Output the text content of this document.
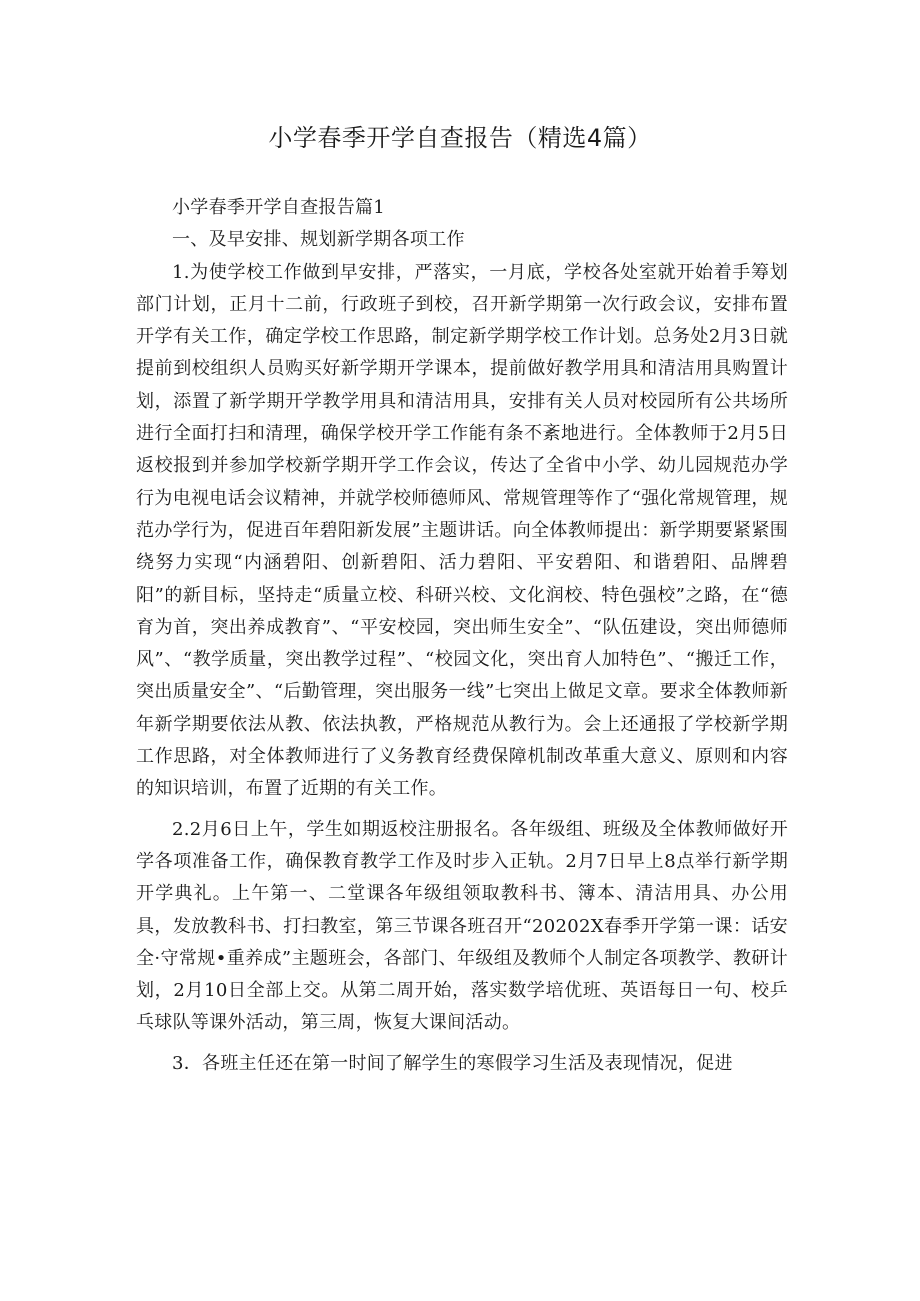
小学春季开学自查报告（精选4篇）

小学春季开学自查报告篇1

一、及早安排、规划新学期各项工作

1.为使学校工作做到早安排，严落实，一月底，学校各处室就开始着手筹划部门计划，正月十二前，行政班子到校，召开新学期第一次行政会议，安排布置开学有关工作，确定学校工作思路，制定新学期学校工作计划。总务处2月3日就提前到校组织人员购买好新学期开学课本，提前做好教学用具和清洁用具购置计划，添置了新学期开学教学用具和清洁用具，安排有关人员对校园所有公共场所进行全面打扫和清理，确保学校开学工作能有条不紊地进行。全体教师于2月5日返校报到并参加学校新学期开学工作会议，传达了全省中小学、幼儿园规范办学行为电视电话会议精神，并就学校师德师风、常规管理等作了“强化常规管理，规范办学行为，促进百年碧阳新发展”主题讲话。向全体教师提出：新学期要紧紧围绕努力实现“内涵碧阳、创新碧阳、活力碧阳、平安碧阳、和谐碧阳、品牌碧阳”的新目标，坚持走“质量立校、科研兴校、文化润校、特色强校”之路，在“德育为首，突出养成教育”、“平安校园，突出师生安全”、“队伍建设，突出师德师风”、“教学质量，突出教学过程”、“校园文化，突出育人加特色”、“搬迁工作，突出质量安全”、“后勤管理，突出服务一线”七突出上做足文章。要求全体教师新年新学期要依法从教、依法执教，严格规范从教行为。会上还通报了学校新学期工作思路，对全体教师进行了义务教育经费保障机制改革重大意义、原则和内容的知识培训，布置了近期的有关工作。

2.2月6日上午，学生如期返校注册报名。各年级组、班级及全体教师做好开学各项准备工作，确保教育教学工作及时步入正轨。2月7日早上8点举行新学期开学典礼。上午第一、二堂课各年级组领取教科书、簿本、清洁用具、办公用具，发放教科书、打扫教室，第三节课各班召开“20202X春季开学第一课：话安全·守常规•重养成”主题班会，各部门、年级组及教师个人制定各项教学、教研计划，2月10日全部上交。从第二周开始，落实数学培优班、英语每日一句、校乒乓球队等课外活动，第三周，恢复大课间活动。

3．各班主任还在第一时间了解学生的寒假学习生活及表现情况，促进
